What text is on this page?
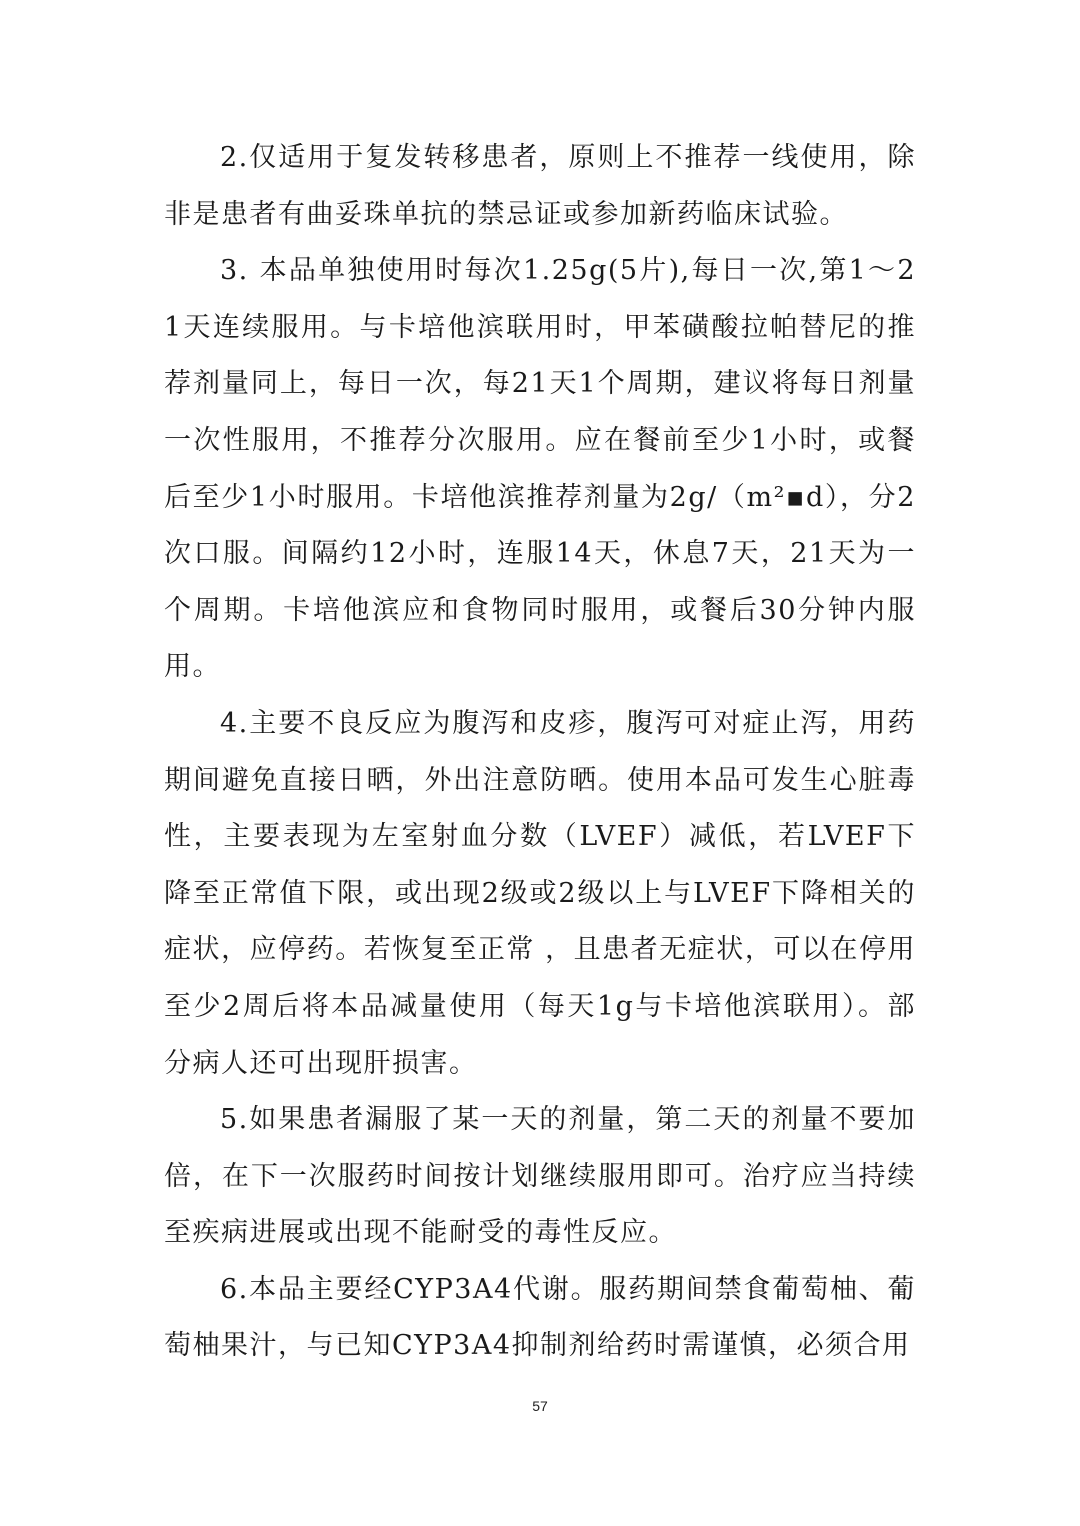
2.仅适用于复发转移患者，原则上不推荐一线使用，除非是患者有曲妥珠单抗的禁忌证或参加新药临床试验。

3. 本品单独使用时每次1.25g(5片),每日一次,第1～21天连续服用。与卡培他滨联用时，甲苯磺酸拉帕替尼的推荐剂量同上，每日一次，每21天1个周期，建议将每日剂量一次性服用，不推荐分次服用。应在餐前至少1小时，或餐后至少1小时服用。卡培他滨推荐剂量为2g/（m²▪d），分2次口服。间隔约12小时，连服14天，休息7天，21天为一个周期。卡培他滨应和食物同时服用，或餐后30分钟内服用。

4.主要不良反应为腹泻和皮疹，腹泻可对症止泻，用药期间避免直接日晒，外出注意防晒。使用本品可发生心脏毒性，主要表现为左室射血分数（LVEF）减低，若LVEF下降至正常值下限，或出现2级或2级以上与LVEF下降相关的症状，应停药。若恢复至正常 ，且患者无症状，可以在停用至少2周后将本品减量使用（每天1g与卡培他滨联用）。部分病人还可出现肝损害。

5.如果患者漏服了某一天的剂量，第二天的剂量不要加倍，在下一次服药时间按计划继续服用即可。治疗应当持续至疾病进展或出现不能耐受的毒性反应。

6.本品主要经CYP3A4代谢。服药期间禁食葡萄柚、葡萄柚果汁，与已知CYP3A4抑制剂给药时需谨慎，必须合用

57
